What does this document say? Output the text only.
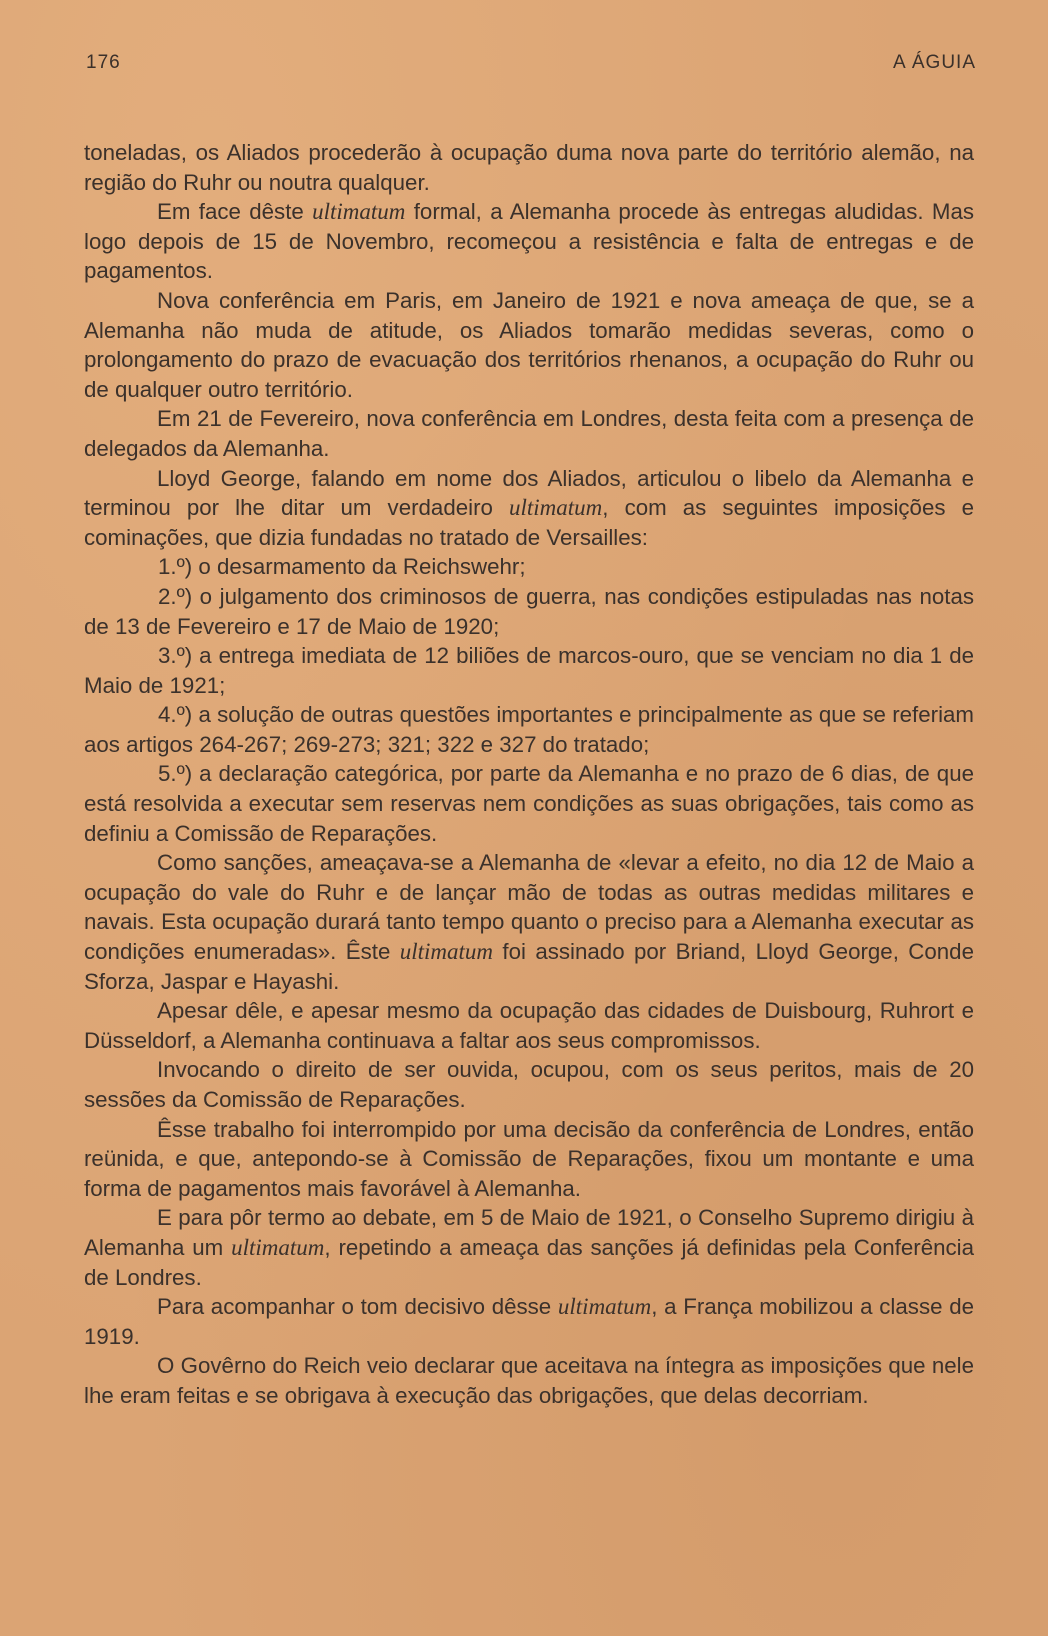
176	A ÁGUIA

toneladas, os Aliados procederão à ocupação duma nova parte do território alemão, na região do Ruhr ou noutra qualquer.

Em face dêste ultimatum formal, a Alemanha procede às entregas aludidas. Mas logo depois de 15 de Novembro, recomeçou a resistência e falta de entregas e de pagamentos.

Nova conferência em Paris, em Janeiro de 1921 e nova ameaça de que, se a Alemanha não muda de atitude, os Aliados tomarão medidas severas, como o prolongamento do prazo de evacuação dos territórios rhenanos, a ocupação do Ruhr ou de qualquer outro território.

Em 21 de Fevereiro, nova conferência em Londres, desta feita com a presença de delegados da Alemanha.

Lloyd George, falando em nome dos Aliados, articulou o libelo da Alemanha e terminou por lhe ditar um verdadeiro ultimatum, com as seguintes imposições e cominações, que dizia fundadas no tratado de Versailles:

1.º) o desarmamento da Reichswehr;

2.º) o julgamento dos criminosos de guerra, nas condições estipuladas nas notas de 13 de Fevereiro e 17 de Maio de 1920;

3.º) a entrega imediata de 12 biliões de marcos-ouro, que se venciam no dia 1 de Maio de 1921;

4.º) a solução de outras questões importantes e principalmente as que se referiam aos artigos 264-267; 269-273; 321; 322 e 327 do tratado;

5.º) a declaração categórica, por parte da Alemanha e no prazo de 6 dias, de que está resolvida a executar sem reservas nem condições as suas obrigações, tais como as definiu a Comissão de Reparações.

Como sanções, ameaçava-se a Alemanha de «levar a efeito, no dia 12 de Maio a ocupação do vale do Ruhr e de lançar mão de todas as outras medidas militares e navais. Esta ocupação durará tanto tempo quanto o preciso para a Alemanha executar as condições enumeradas». Êste ultimatum foi assinado por Briand, Lloyd George, Conde Sforza, Jaspar e Hayashi.

Apesar dêle, e apesar mesmo da ocupação das cidades de Duisbourg, Ruhrort e Düsseldorf, a Alemanha continuava a faltar aos seus compromissos.

Invocando o direito de ser ouvida, ocupou, com os seus peritos, mais de 20 sessões da Comissão de Reparações.

Êsse trabalho foi interrompido por uma decisão da conferência de Londres, então reünida, e que, antepondo-se à Comissão de Reparações, fixou um montante e uma forma de pagamentos mais favorável à Alemanha.

E para pôr termo ao debate, em 5 de Maio de 1921, o Conselho Supremo dirigiu à Alemanha um ultimatum, repetindo a ameaça das sanções já definidas pela Conferência de Londres.

Para acompanhar o tom decisivo dêsse ultimatum, a França mobilizou a classe de 1919.

O Govêrno do Reich veio declarar que aceitava na íntegra as imposições que nele lhe eram feitas e se obrigava à execução das obrigações, que delas decorriam.
